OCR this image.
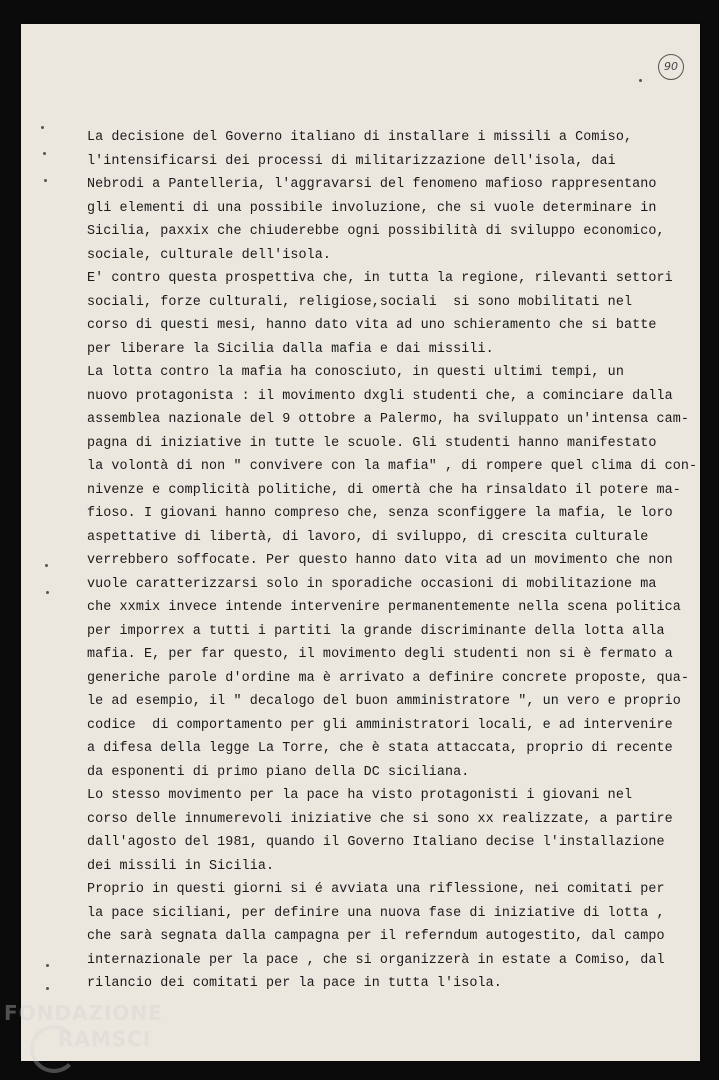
90
La decisione del Governo italiano di installare i missili a Comiso,
l'intensificarsi dei processi di militarizzazione dell'isola, dai
Nebrodi a Pantelleria, l'aggravarsi del fenomeno mafioso rappresentano
gli elementi di una possibile involuzione, che si vuole determinare in
Sicilia, paxxix che chiuderebbe ogni possibilità di sviluppo economico,
sociale, culturale dell'isola.
E' contro questa prospettiva che, in tutta la regione, rilevanti settori
sociali, forze culturali, religiose,sociali  si sono mobilitati nel
corso di questi mesi, hanno dato vita ad uno schieramento che si batte
per liberare la Sicilia dalla mafia e dai missili.
La lotta contro la mafia ha conosciuto, in questi ultimi tempi, un
nuovo protagonista : il movimento dxgli studenti che, a cominciare dalla
assemblea nazionale del 9 ottobre a Palermo, ha sviluppato un'intensa cam-
pagna di iniziative in tutte le scuole. Gli studenti hanno manifestato
la volontà di non " convivere con la mafia" , di rompere quel clima di con-
nivenze e complicità politiche, di omertà che ha rinsaldato il potere ma-
fioso. I giovani hanno compreso che, senza sconfiggere la mafia, le loro
aspettative di libertà, di lavoro, di sviluppo, di crescita culturale
verrebbero soffocate. Per questo hanno dato vita ad un movimento che non
vuole caratterizzarsi solo in sporadiche occasioni di mobilitazione ma
che xxmix invece intende intervenire permanentemente nella scena politica
per imporrex a tutti i partiti la grande discriminante della lotta alla
mafia. E, per far questo, il movimento degli studenti non si è fermato a
generiche parole d'ordine ma è arrivato a definire concrete proposte, qua-
le ad esempio, il " decalogo del buon amministratore ", un vero e proprio
codice  di comportamento per gli amministratori locali, e ad intervenire
a difesa della legge La Torre, che è stata attaccata, proprio di recente
da esponenti di primo piano della DC siciliana.
Lo stesso movimento per la pace ha visto protagonisti i giovani nel
corso delle innumerevoli iniziative che si sono xx realizzate, a partire
dall'agosto del 1981, quando il Governo Italiano decise l'installazione
dei missili in Sicilia.
Proprio in questi giorni si é avviata una riflessione, nei comitati per
la pace siciliani, per definire una nuova fase di iniziative di lotta ,
che sarà segnata dalla campagna per il referndum autogestito, dal campo
internazionale per la pace , che si organizzerà in estate a Comiso, dal
rilancio dei comitati per la pace in tutta l'isola.
FONDAZIONE
RAMSCI
